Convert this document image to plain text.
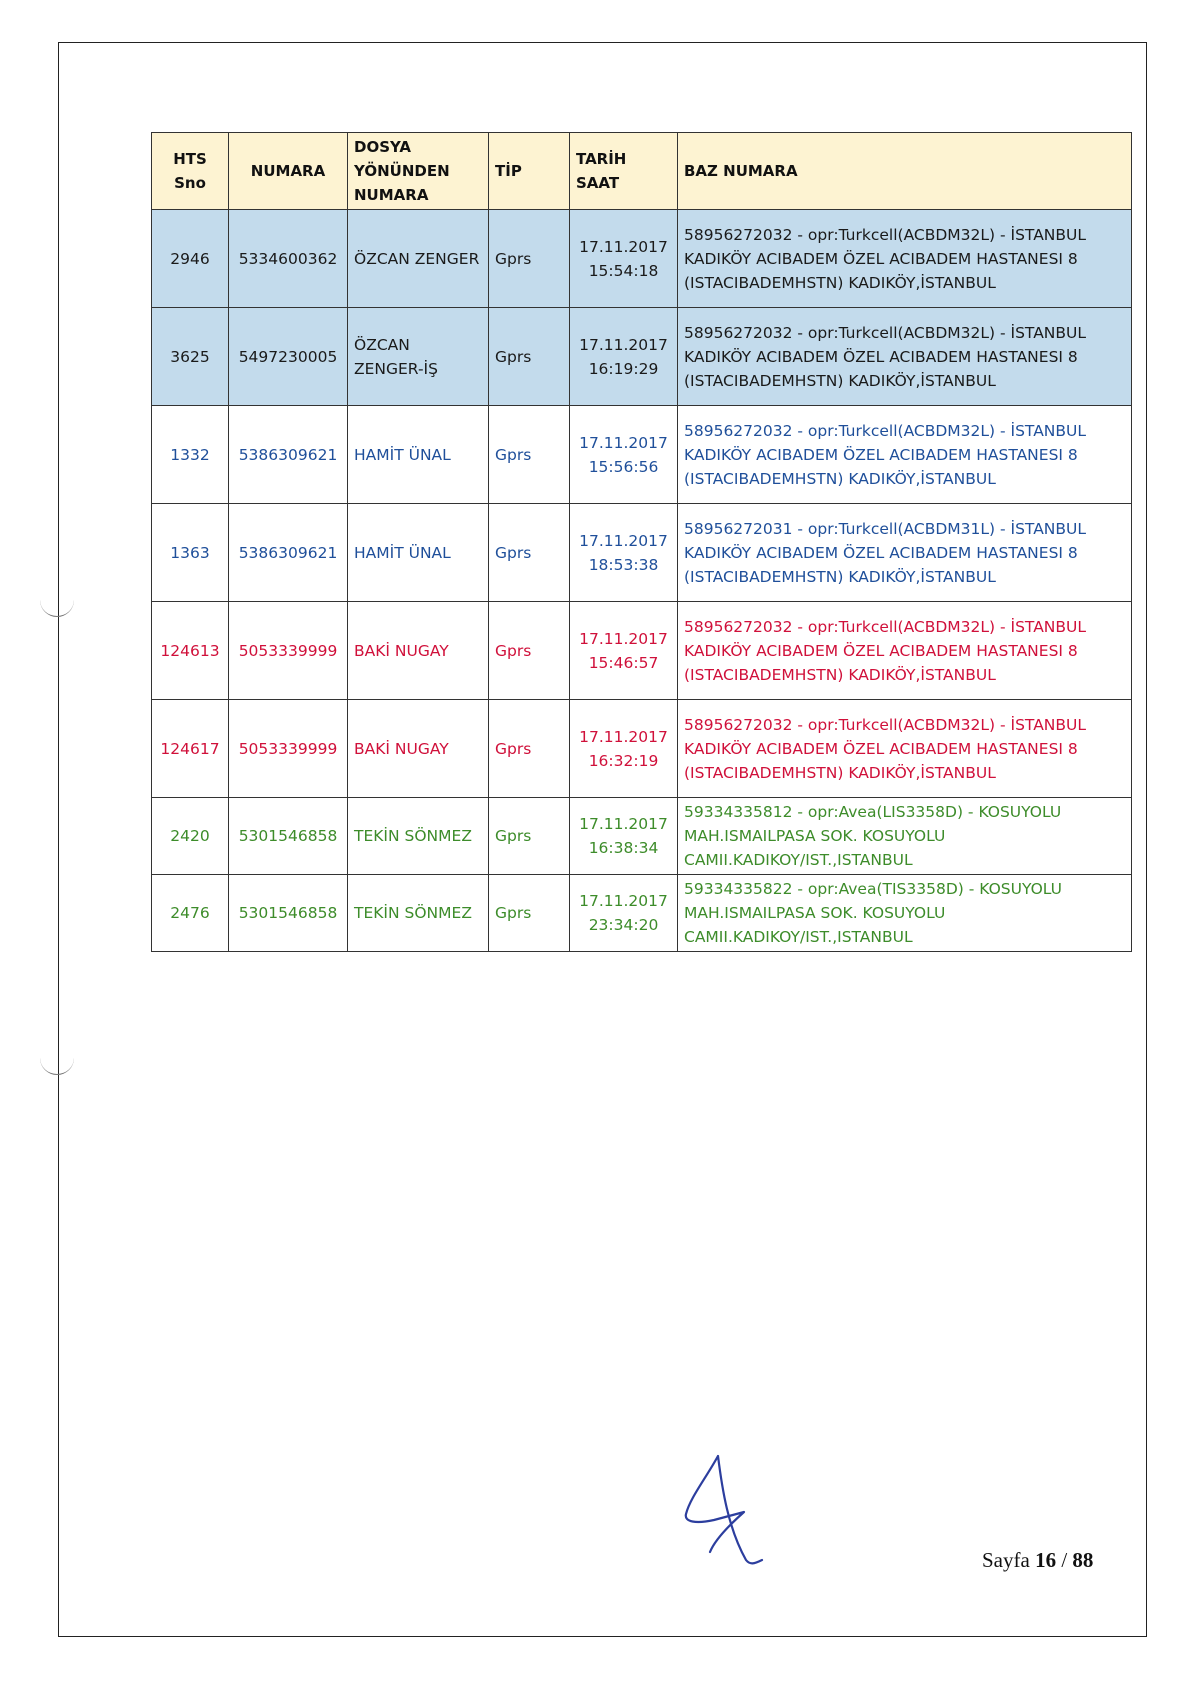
HTS Sno	NUMARA	DOSYA YÖNÜNDEN NUMARA	TİP	TARİH SAAT	BAZ NUMARA
2946	5334600362	ÖZCAN ZENGER	Gprs	17.11.2017 15:54:18	58956272032 - opr:Turkcell(ACBDM32L) - İSTANBUL KADIKÖY ACIBADEM ÖZEL ACIBADEM HASTANESI 8 (ISTACIBADEMHSTN) KADIKÖY,İSTANBUL
3625	5497230005	ÖZCAN ZENGER-İŞ	Gprs	17.11.2017 16:19:29	58956272032 - opr:Turkcell(ACBDM32L) - İSTANBUL KADIKÖY ACIBADEM ÖZEL ACIBADEM HASTANESI 8 (ISTACIBADEMHSTN) KADIKÖY,İSTANBUL
1332	5386309621	HAMİT ÜNAL	Gprs	17.11.2017 15:56:56	58956272032 - opr:Turkcell(ACBDM32L) - İSTANBUL KADIKÖY ACIBADEM ÖZEL ACIBADEM HASTANESI 8 (ISTACIBADEMHSTN) KADIKÖY,İSTANBUL
1363	5386309621	HAMİT ÜNAL	Gprs	17.11.2017 18:53:38	58956272031 - opr:Turkcell(ACBDM31L) - İSTANBUL KADIKÖY ACIBADEM ÖZEL ACIBADEM HASTANESI 8 (ISTACIBADEMHSTN) KADIKÖY,İSTANBUL
124613	5053339999	BAKİ NUGAY	Gprs	17.11.2017 15:46:57	58956272032 - opr:Turkcell(ACBDM32L) - İSTANBUL KADIKÖY ACIBADEM ÖZEL ACIBADEM HASTANESI 8 (ISTACIBADEMHSTN) KADIKÖY,İSTANBUL
124617	5053339999	BAKİ NUGAY	Gprs	17.11.2017 16:32:19	58956272032 - opr:Turkcell(ACBDM32L) - İSTANBUL KADIKÖY ACIBADEM ÖZEL ACIBADEM HASTANESI 8 (ISTACIBADEMHSTN) KADIKÖY,İSTANBUL
2420	5301546858	TEKİN SÖNMEZ	Gprs	17.11.2017 16:38:34	59334335812 - opr:Avea(LIS3358D) - KOSUYOLU MAH.ISMAILPASA SOK. KOSUYOLU CAMII.KADIKOY/IST.,ISTANBUL
2476	5301546858	TEKİN SÖNMEZ	Gprs	17.11.2017 23:34:20	59334335822 - opr:Avea(TIS3358D) - KOSUYOLU MAH.ISMAILPASA SOK. KOSUYOLU CAMII.KADIKOY/IST.,ISTANBUL
Sayfa 16 / 88
